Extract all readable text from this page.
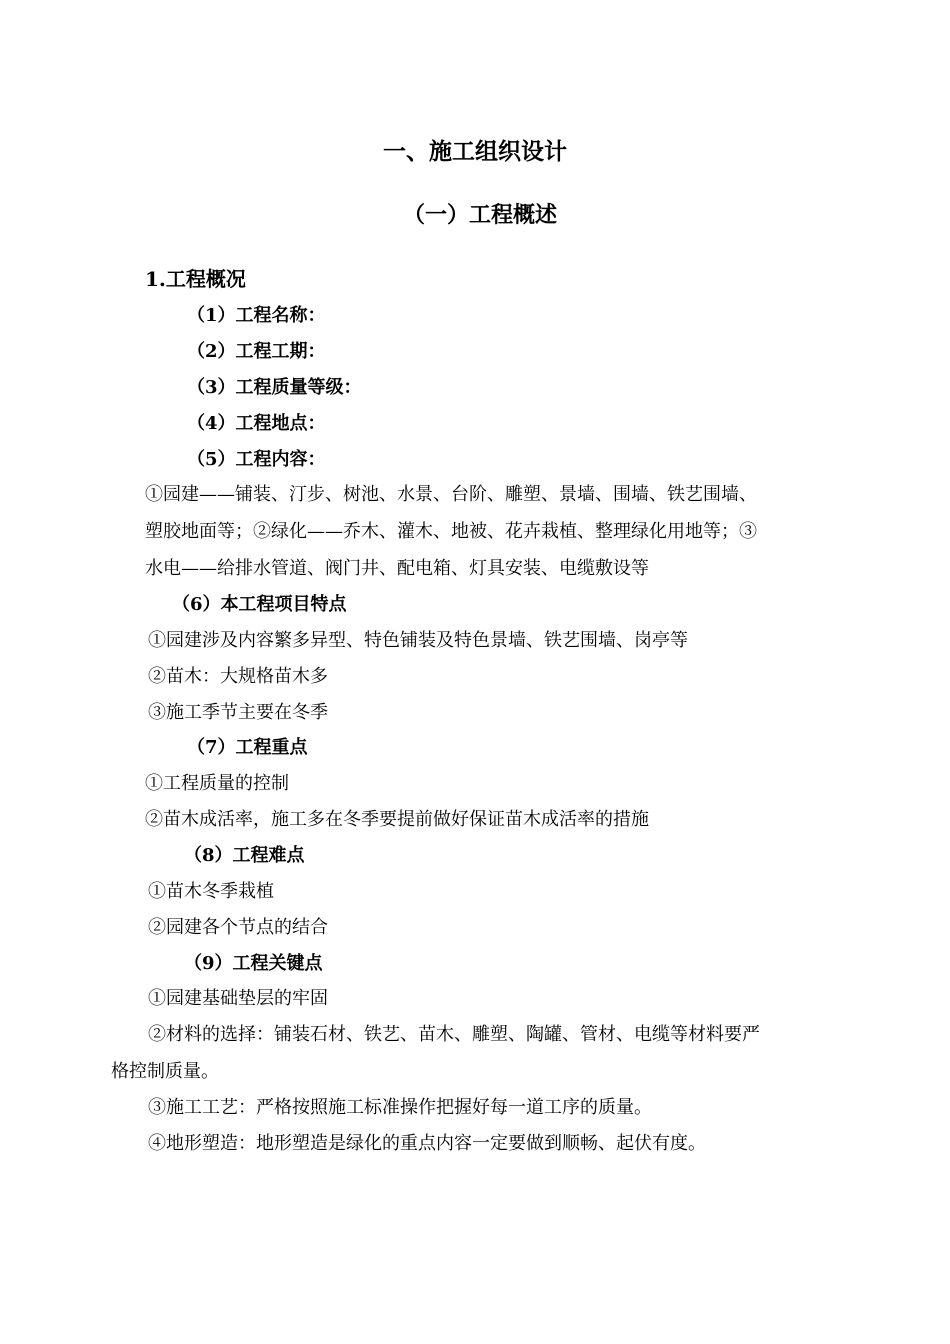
一、施工组织设计
（一）工程概述
1.工程概况
（1）工程名称：
（2）工程工期：
（3）工程质量等级：
（4）工程地点：
（5）工程内容：
①园建——铺装、汀步、树池、水景、台阶、雕塑、景墙、围墙、铁艺围墙、
塑胶地面等；②绿化——乔木、灌木、地被、花卉栽植、整理绿化用地等；③
水电——给排水管道、阀门井、配电箱、灯具安装、电缆敷设等
（6）本工程项目特点
①园建涉及内容繁多异型、特色铺装及特色景墙、铁艺围墙、岗亭等
②苗木：大规格苗木多
③施工季节主要在冬季
（7）工程重点
①工程质量的控制
②苗木成活率，施工多在冬季要提前做好保证苗木成活率的措施
（8）工程难点
①苗木冬季栽植
②园建各个节点的结合
（9）工程关键点
①园建基础垫层的牢固
②材料的选择：铺装石材、铁艺、苗木、雕塑、陶罐、管材、电缆等材料要严
格控制质量。
③施工工艺：严格按照施工标准操作把握好每一道工序的质量。
④地形塑造：地形塑造是绿化的重点内容一定要做到顺畅、起伏有度。
